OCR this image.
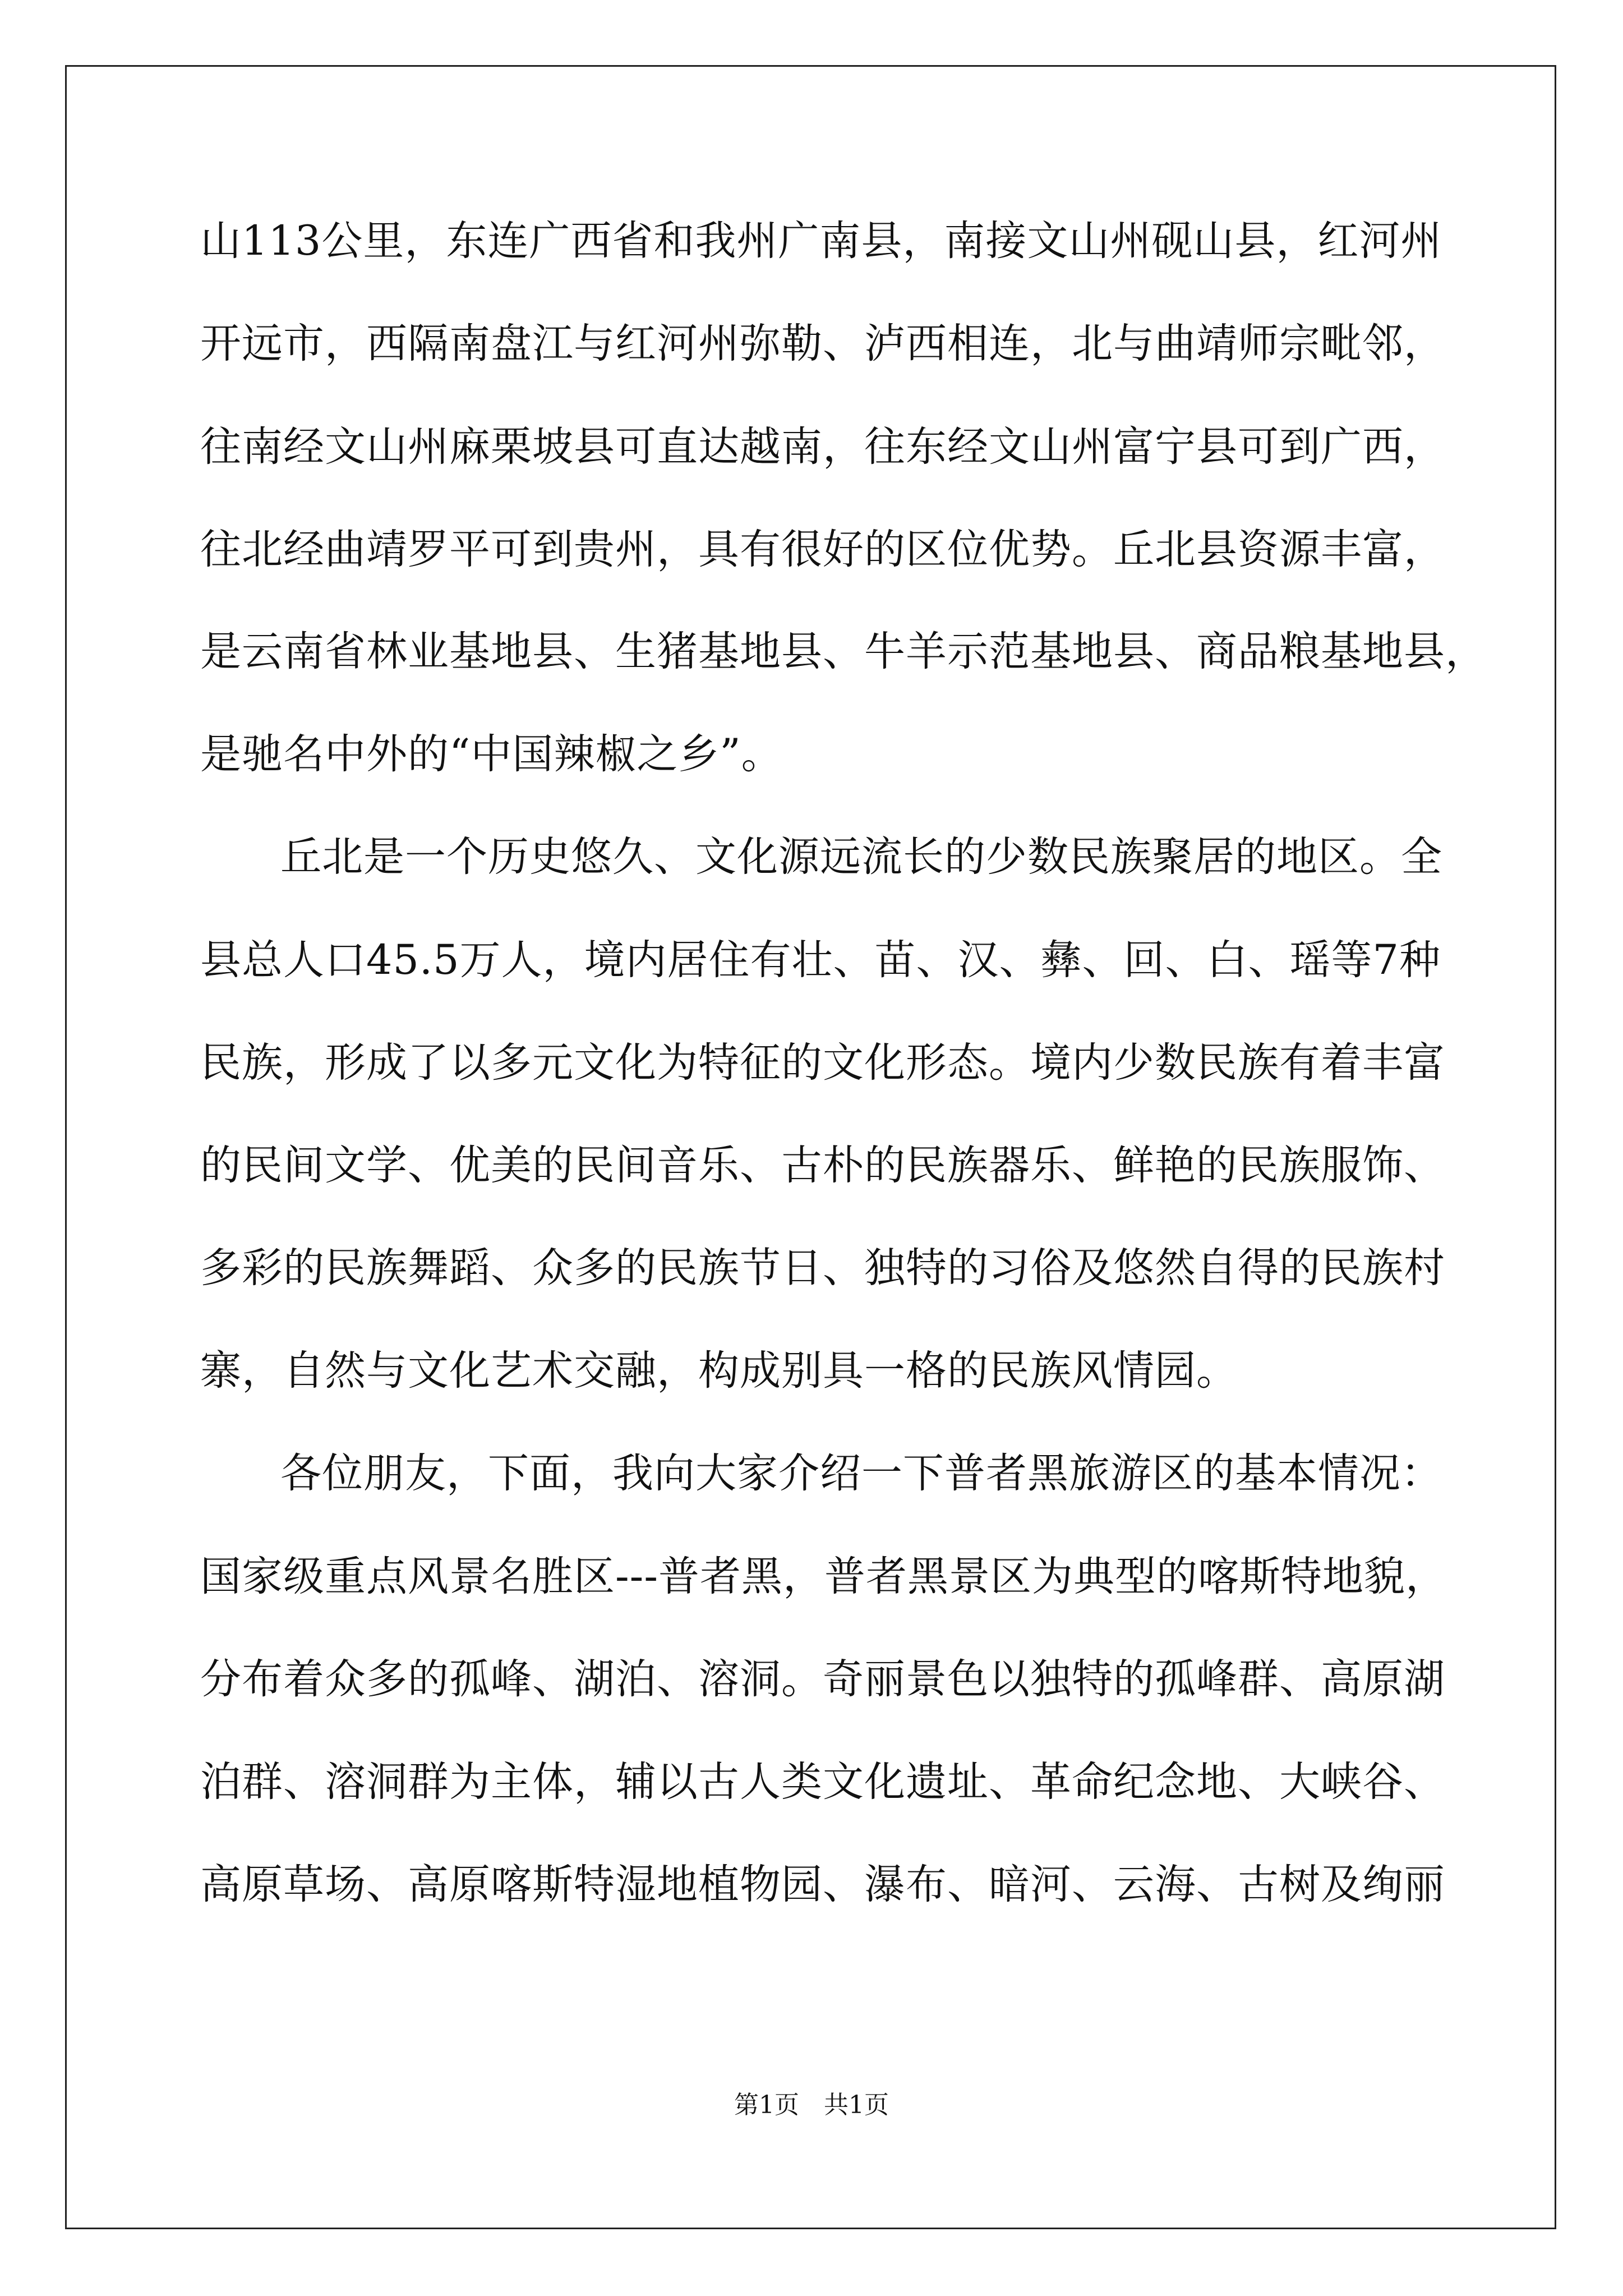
山113公里，东连广西省和我州广南县，南接文山州砚山县，红河州
开远市，西隔南盘江与红河州弥勒、泸西相连，北与曲靖师宗毗邻，
往南经文山州麻栗坡县可直达越南，往东经文山州富宁县可到广西，
往北经曲靖罗平可到贵州，具有很好的区位优势。丘北县资源丰富，
是云南省林业基地县、生猪基地县、牛羊示范基地县、商品粮基地县，
是驰名中外的“中国辣椒之乡”。
丘北是一个历史悠久、文化源远流长的少数民族聚居的地区。全
县总人口45.5万人，境内居住有壮、苗、汉、彝、回、白、瑶等7种
民族，形成了以多元文化为特征的文化形态。境内少数民族有着丰富
的民间文学、优美的民间音乐、古朴的民族器乐、鲜艳的民族服饰、
多彩的民族舞蹈、众多的民族节日、独特的习俗及悠然自得的民族村
寨，自然与文化艺术交融，构成别具一格的民族风情园。
各位朋友，下面，我向大家介绍一下普者黑旅游区的基本情况：
国家级重点风景名胜区---普者黑，普者黑景区为典型的喀斯特地貌，
分布着众多的孤峰、湖泊、溶洞。奇丽景色以独特的孤峰群、高原湖
泊群、溶洞群为主体，辅以古人类文化遗址、革命纪念地、大峡谷、
高原草场、高原喀斯特湿地植物园、瀑布、暗河、云海、古树及绚丽
第1页　共1页
